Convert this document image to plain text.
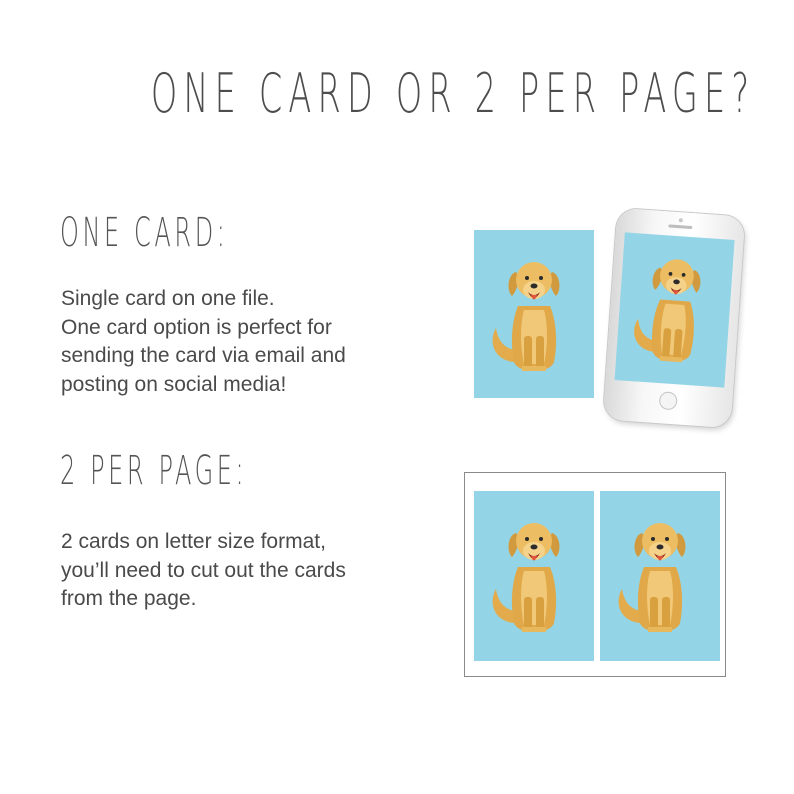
ONE CARD OR 2 PER PAGE?
ONE CARD:
Single card on one file.
One card option is perfect for
sending the card via email and
posting on social media!
2 PER PAGE:
2 cards on letter size format,
you’ll need to cut out the cards
from the page.
